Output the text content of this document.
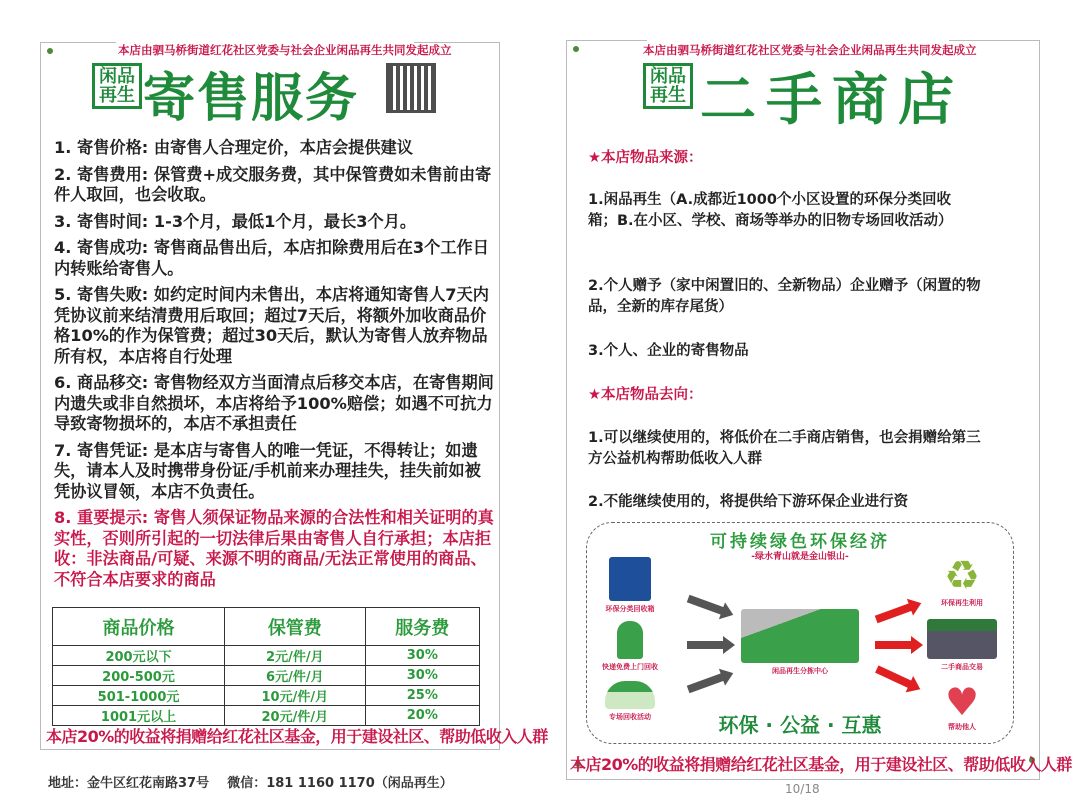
本店由驷马桥街道红花社区党委与社会企业闲品再生共同发起成立
闲品
再生 寄售服务

1. 寄售价格: 由寄售人合理定价，本店会提供建议

2. 寄售费用: 保管费+成交服务费，其中保管费如未售前由寄件人取回，也会收取。

3. 寄售时间: 1-3个月，最低1个月，最长3个月。

4. 寄售成功: 寄售商品售出后，本店扣除费用后在3个工作日内转账给寄售人。

5. 寄售失败: 如约定时间内未售出，本店将通知寄售人7天内凭协议前来结清费用后取回；超过7天后，将额外加收商品价格10%的作为保管费；超过30天后，默认为寄售人放弃物品所有权，本店将自行处理

6. 商品移交: 寄售物经双方当面清点后移交本店，在寄售期间内遗失或非自然损坏，本店将给予100%赔偿；如遇不可抗力导致寄物损坏的，本店不承担责任

7. 寄售凭证: 是本店与寄售人的唯一凭证，不得转让；如遗失，请本人及时携带身份证/手机前来办理挂失，挂失前如被凭协议冒领，本店不负责任。

8. 重要提示: 寄售人须保证物品来源的合法性和相关证明的真实性，否则所引起的一切法律后果由寄售人自行承担；本店拒收：非法商品/可疑、来源不明的商品/无法正常使用的商品、不符合本店要求的商品

商品价格	保管费	服务费
200元以下	2元/件/月	30%
200-500元	6元/件/月	30%
501-1000元	10元/件/月	25%
1001元以上	20元/件/月	20%
本店20%的收益将捐赠给红花社区基金，用于建设社区、帮助低收入人群
地址：金牛区红花南路37号 微信：181 1160 1170（闲品再生）
本店由驷马桥街道红花社区党委与社会企业闲品再生共同发起成立
闲品
再生 二手商店
★本店物品来源：
1.闲品再生（A.成都近1000个小区设置的环保分类回收箱；B.在小区、学校、商场等举办的旧物专场回收活动）
2.个人赠予（家中闲置旧的、全新物品）企业赠予（闲置的物品，全新的库存尾货）
3.个人、企业的寄售物品
★本店物品去向：
1.可以继续使用的，将低价在二手商店销售，也会捐赠给第三方公益机构帮助低收入人群
2.不能继续使用的，将提供给下游环保企业进行资
可持续绿色环保经济
-绿水青山就是金山银山-
环保分类回收箱
快递免费上门回收
专场回收活动
闲品再生分拣中心
♻
环保再生利用
二手商品交易
♥
帮助他人
环保 · 公益 · 互惠
本店20%的收益将捐赠给红花社区基金，用于建设社区、帮助低收入人群
10/18
